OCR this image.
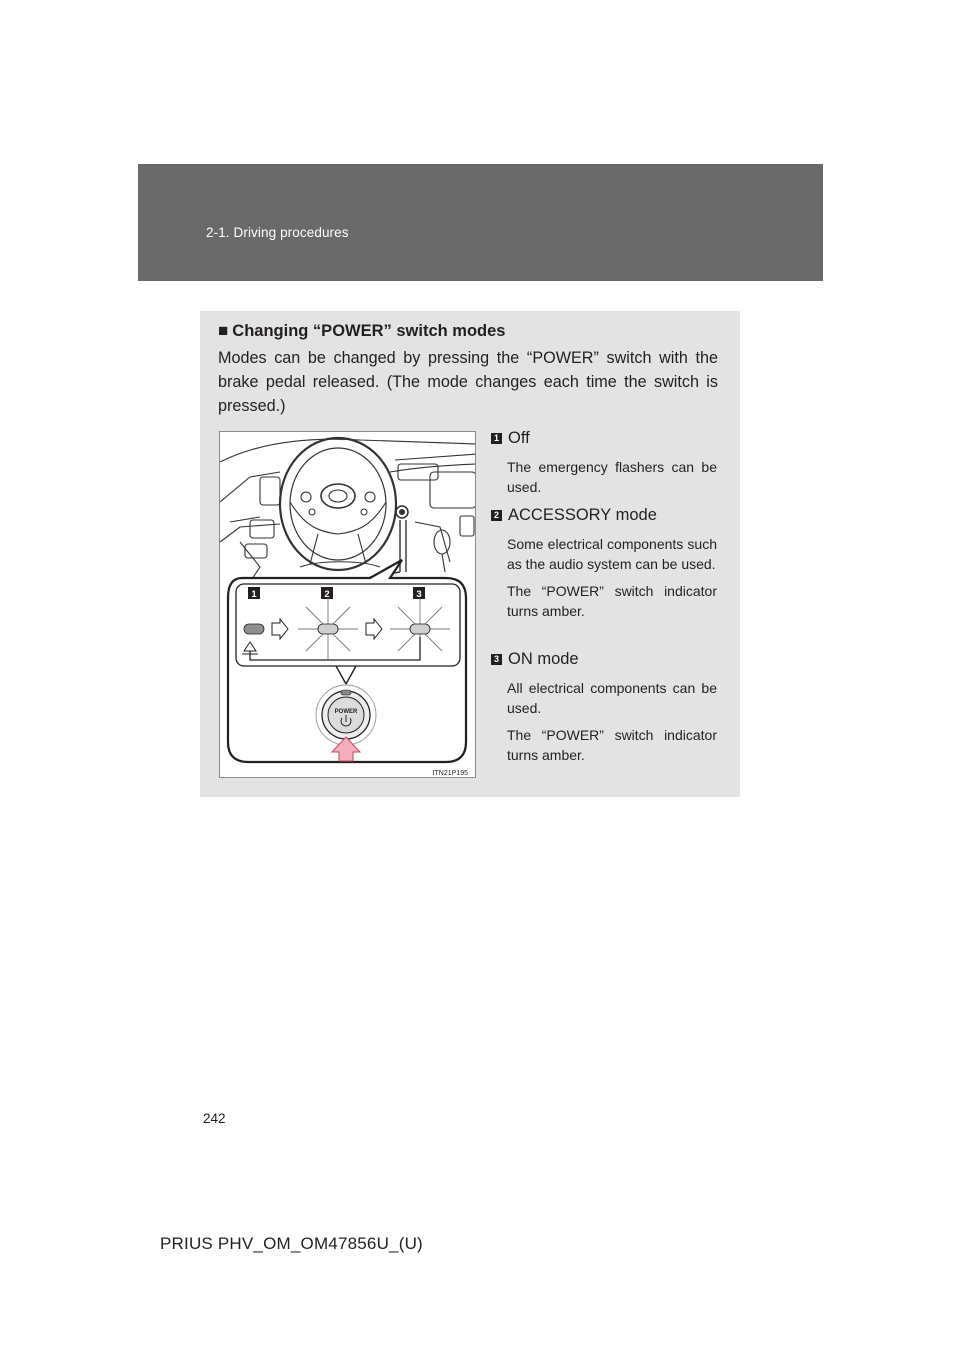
2-1. Driving procedures
■ Changing “POWER” switch modes
Modes can be changed by pressing the “POWER” switch with the brake pedal released. (The mode changes each time the switch is pressed.)
1	2	3
POWER
ITN21P195
1 Off
The emergency flashers can be used.
2 ACCESSORY mode
Some electrical components such as the audio system can be used.
The “POWER” switch indicator turns amber.
3 ON mode
All electrical components can be used.
The “POWER” switch indicator turns amber.
242
PRIUS PHV_OM_OM47856U_(U)
